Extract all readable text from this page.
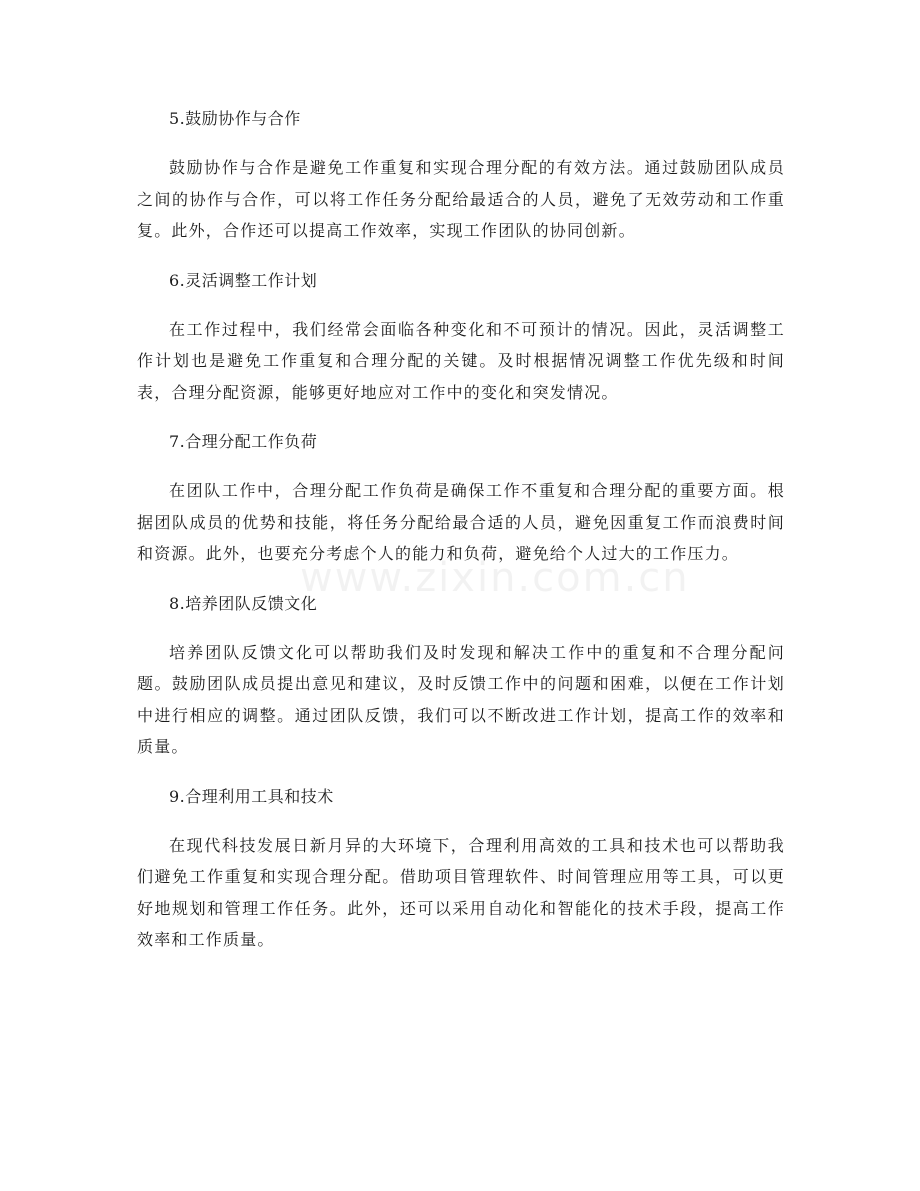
www.zixin.com.cn

5.鼓励协作与合作

鼓励协作与合作是避免工作重复和实现合理分配的有效方法。通过鼓励团队成员之间的协作与合作，可以将工作任务分配给最适合的人员，避免了无效劳动和工作重复。此外，合作还可以提高工作效率，实现工作团队的协同创新。

6.灵活调整工作计划

在工作过程中，我们经常会面临各种变化和不可预计的情况。因此，灵活调整工作计划也是避免工作重复和合理分配的关键。及时根据情况调整工作优先级和时间表，合理分配资源，能够更好地应对工作中的变化和突发情况。

7.合理分配工作负荷

在团队工作中，合理分配工作负荷是确保工作不重复和合理分配的重要方面。根据团队成员的优势和技能，将任务分配给最合适的人员，避免因重复工作而浪费时间和资源。此外，也要充分考虑个人的能力和负荷，避免给个人过大的工作压力。

8.培养团队反馈文化

培养团队反馈文化可以帮助我们及时发现和解决工作中的重复和不合理分配问题。鼓励团队成员提出意见和建议，及时反馈工作中的问题和困难，以便在工作计划中进行相应的调整。通过团队反馈，我们可以不断改进工作计划，提高工作的效率和质量。

9.合理利用工具和技术

在现代科技发展日新月异的大环境下，合理利用高效的工具和技术也可以帮助我们避免工作重复和实现合理分配。借助项目管理软件、时间管理应用等工具，可以更好地规划和管理工作任务。此外，还可以采用自动化和智能化的技术手段，提高工作效率和工作质量。
